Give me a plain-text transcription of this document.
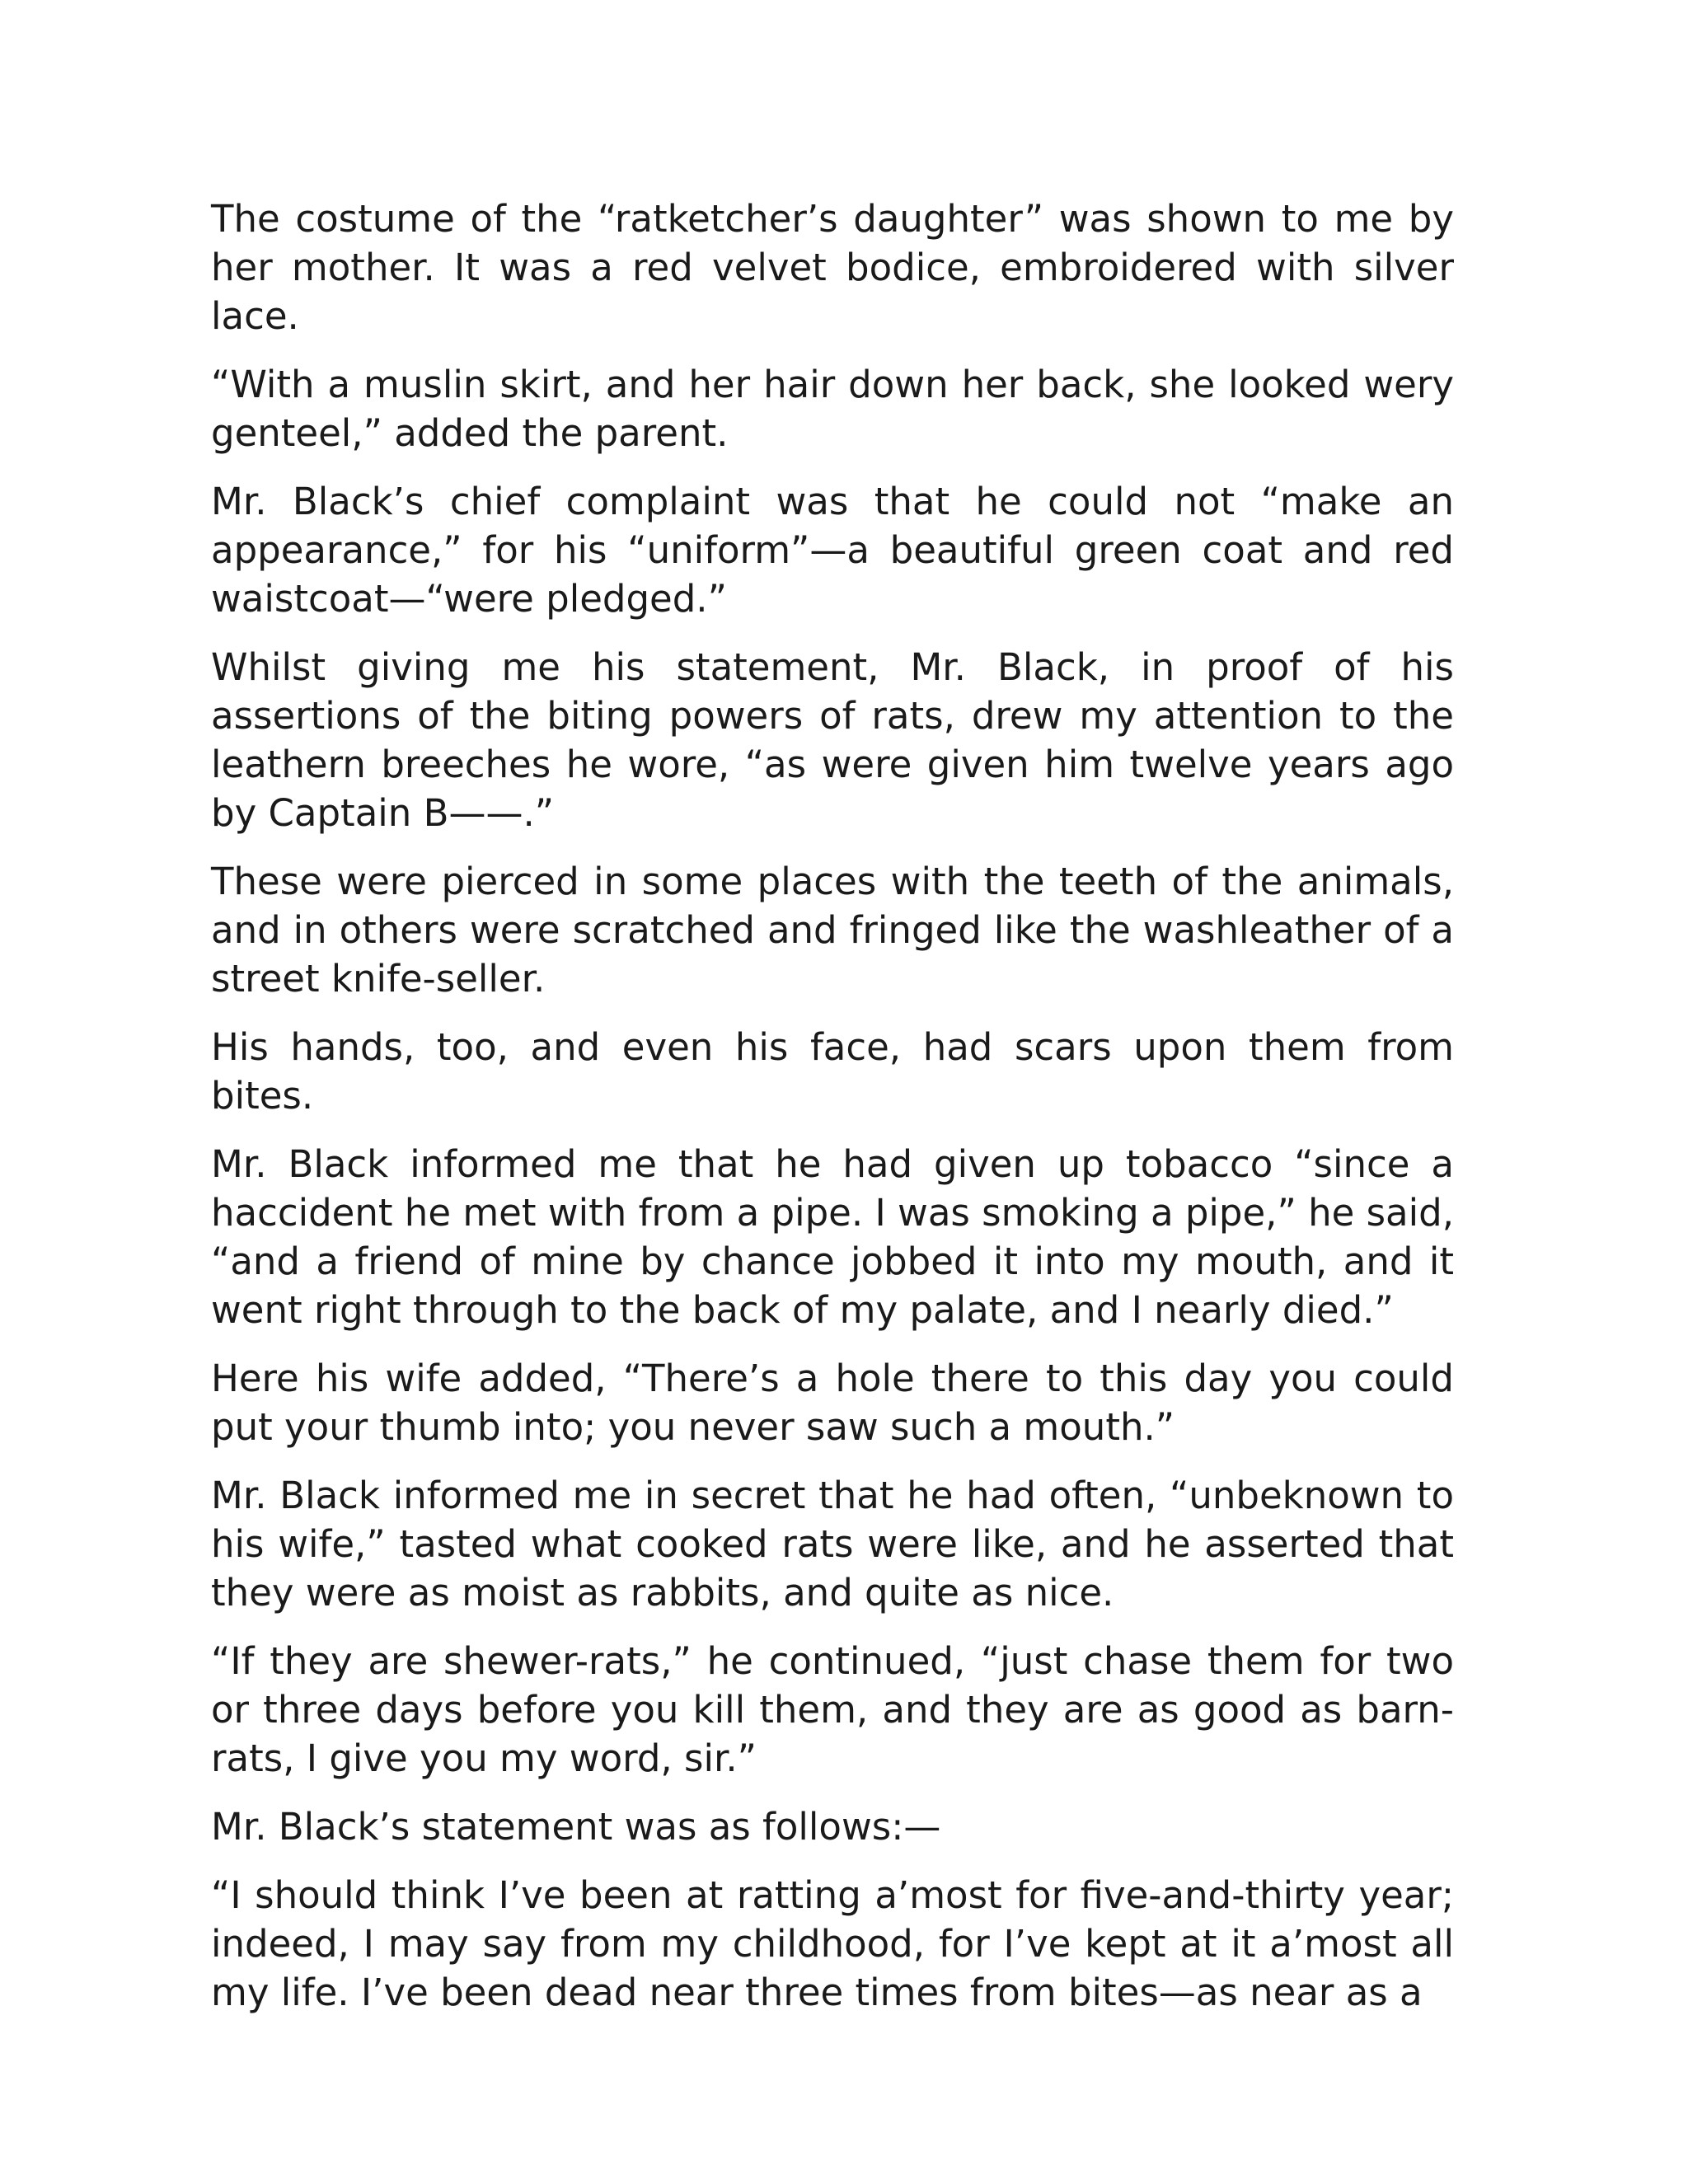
The costume of the “ratketcher’s daughter” was shown to me by her mother. It was a red velvet bodice, embroidered with silver lace.

“With a muslin skirt, and her hair down her back, she looked wery genteel,” added the parent.

Mr. Black’s chief complaint was that he could not “make an appearance,” for his “uniform”—a beautiful green coat and red waistcoat—“were pledged.”

Whilst giving me his statement, Mr. Black, in proof of his assertions of the biting powers of rats, drew my attention to the leathern breeches he wore, “as were given him twelve years ago by Captain B——.”

These were pierced in some places with the teeth of the animals, and in others were scratched and fringed like the washleather of a street knife-seller.

His hands, too, and even his face, had scars upon them from bites.

Mr. Black informed me that he had given up tobacco “since a haccident he met with from a pipe. I was smoking a pipe,” he said, “and a friend of mine by chance jobbed it into my mouth, and it went right through to the back of my palate, and I nearly died.”

Here his wife added, “There’s a hole there to this day you could put your thumb into; you never saw such a mouth.”

Mr. Black informed me in secret that he had often, “unbeknown to his wife,” tasted what cooked rats were like, and he asserted that they were as moist as rabbits, and quite as nice.

“If they are shewer-rats,” he continued, “just chase them for two or three days before you kill them, and they are as good as barn-rats, I give you my word, sir.”

Mr. Black’s statement was as follows:—

“I should think I’ve been at ratting a’most for five-and-thirty year; indeed, I may say from my childhood, for I’ve kept at it a’most all my life. I’ve been dead near three times from bites—as near as a
